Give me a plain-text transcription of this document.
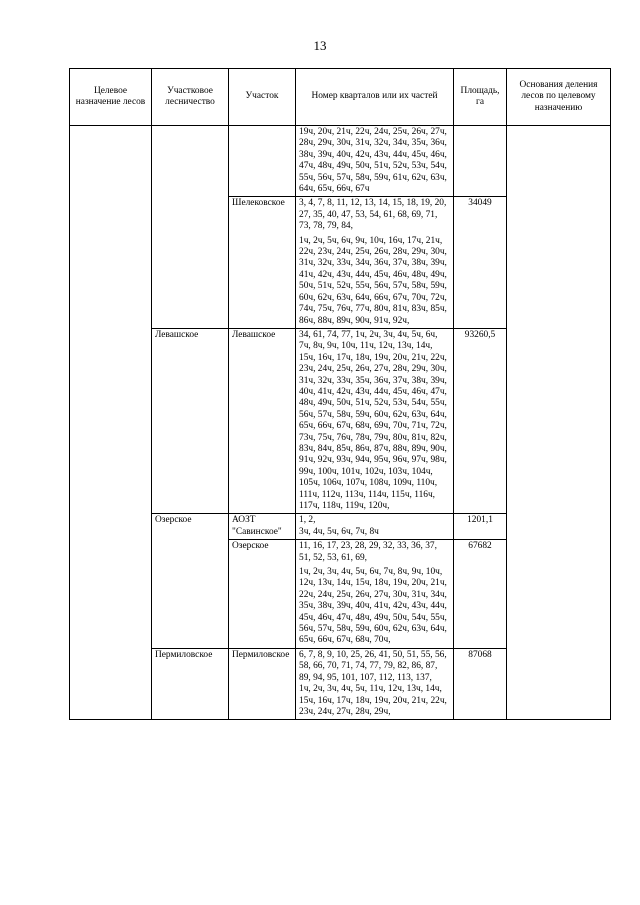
13
Целевое назначение лесов	Участковое лесничество	Участок	Номер кварталов или их частей	Площадь, га	Основания деления лесов по целевому назначению

			19ч, 20ч, 21ч, 22ч, 24ч, 25ч, 26ч, 27ч, 28ч, 29ч, 30ч, 31ч, 32ч, 34ч, 35ч, 36ч, 38ч, 39ч, 40ч, 42ч, 43ч, 44ч, 45ч, 46ч, 47ч, 48ч, 49ч, 50ч, 51ч, 52ч, 53ч, 54ч, 55ч, 56ч, 57ч, 58ч, 59ч, 61ч, 62ч, 63ч, 64ч, 65ч, 66ч, 67ч		

		Шелековское	3, 4, 7, 8, 11, 12, 13, 14, 15, 18, 19, 20, 27, 35, 40, 47, 53, 54, 61, 68, 69, 71, 73, 78, 79, 84,

1ч, 2ч, 5ч, 6ч, 9ч, 10ч, 16ч, 17ч, 21ч, 22ч, 23ч, 24ч, 25ч, 26ч, 28ч, 29ч, 30ч, 31ч, 32ч, 33ч, 34ч, 36ч, 37ч, 38ч, 39ч, 41ч, 42ч, 43ч, 44ч, 45ч, 46ч, 48ч, 49ч, 50ч, 51ч, 52ч, 55ч, 56ч, 57ч, 58ч, 59ч, 60ч, 62ч, 63ч, 64ч, 66ч, 67ч, 70ч, 72ч, 74ч, 75ч, 76ч, 77ч, 80ч, 81ч, 83ч, 85ч, 86ч, 88ч, 89ч, 90ч, 91ч, 92ч,	34049	
	Левашское	Левашское	34, 61, 74, 77, 1ч, 2ч, 3ч, 4ч, 5ч, 6ч, 7ч, 8ч, 9ч, 10ч, 11ч, 12ч, 13ч, 14ч, 15ч, 16ч, 17ч, 18ч, 19ч, 20ч, 21ч, 22ч, 23ч, 24ч, 25ч, 26ч, 27ч, 28ч, 29ч, 30ч, 31ч, 32ч, 33ч, 35ч, 36ч, 37ч, 38ч, 39ч, 40ч, 41ч, 42ч, 43ч, 44ч, 45ч, 46ч, 47ч, 48ч, 49ч, 50ч, 51ч, 52ч, 53ч, 54ч, 55ч, 56ч, 57ч, 58ч, 59ч, 60ч, 62ч, 63ч, 64ч, 65ч, 66ч, 67ч, 68ч, 69ч, 70ч, 71ч, 72ч, 73ч, 75ч, 76ч, 78ч, 79ч, 80ч, 81ч, 82ч, 83ч, 84ч, 85ч, 86ч, 87ч, 88ч, 89ч, 90ч, 91ч, 92ч, 93ч, 94ч, 95ч, 96ч, 97ч, 98ч, 99ч, 100ч, 101ч, 102ч, 103ч, 104ч, 105ч, 106ч, 107ч, 108ч, 109ч, 110ч, 111ч, 112ч, 113ч, 114ч, 115ч, 116ч, 117ч, 118ч, 119ч, 120ч,	93260,5	
	Озерское	АОЗТ "Савинское"	1, 2,

3ч, 4ч, 5ч, 6ч, 7ч, 8ч	1201,1	
		Озерское	11, 16, 17, 23, 28, 29, 32, 33, 36, 37, 51, 52, 53, 61, 69,

1ч, 2ч, 3ч, 4ч, 5ч, 6ч, 7ч, 8ч, 9ч, 10ч, 12ч, 13ч, 14ч, 15ч, 18ч, 19ч, 20ч, 21ч, 22ч, 24ч, 25ч, 26ч, 27ч, 30ч, 31ч, 34ч, 35ч, 38ч, 39ч, 40ч, 41ч, 42ч, 43ч, 44ч, 45ч, 46ч, 47ч, 48ч, 49ч, 50ч, 54ч, 55ч, 56ч, 57ч, 58ч, 59ч, 60ч, 62ч, 63ч, 64ч, 65ч, 66ч, 67ч, 68ч, 70ч,	67682	
	Пермиловское	Пермиловское	6, 7, 8, 9, 10, 25, 26, 41, 50, 51, 55, 56, 58, 66, 70, 71, 74, 77, 79, 82, 86, 87, 89, 94, 95, 101, 107, 112, 113, 137,

1ч, 2ч, 3ч, 4ч, 5ч, 11ч, 12ч, 13ч, 14ч, 15ч, 16ч, 17ч, 18ч, 19ч, 20ч, 21ч, 22ч, 23ч, 24ч, 27ч, 28ч, 29ч,	87068	
